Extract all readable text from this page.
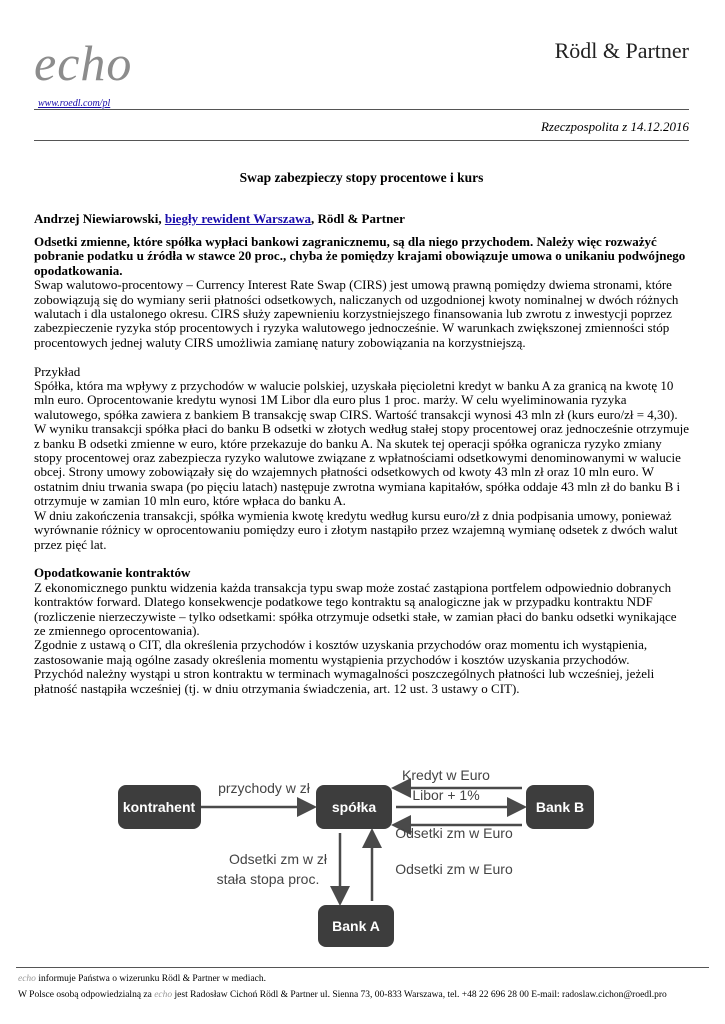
echo
www.roedl.com/pl
Rödl & Partner
Rzeczpospolita z 14.12.2016
Swap zabezpieczy stopy procentowe i kurs
Andrzej Niewiarowski, biegły rewident Warszawa, Rödl & Partner

Odsetki zmienne, które spółka wypłaci bankowi zagranicznemu, są dla niego przychodem. Należy więc rozważyć pobranie podatku u źródła w stawce 20 proc., chyba że pomiędzy krajami obowiązuje umowa o unikaniu podwójnego opodatkowania.

Swap walutowo-procentowy – Currency Interest Rate Swap (CIRS) jest umową prawną pomiędzy dwiema stronami, które zobowiązują się do wymiany serii płatności odsetkowych, naliczanych od uzgodnionej kwoty nominalnej w dwóch różnych walutach i dla ustalonego okresu. CIRS służy zapewnieniu korzystniejszego finansowania lub zwrotu z inwestycji poprzez zabezpieczenie ryzyka stóp procentowych i ryzyka walutowego jednocześnie. W warunkach zwiększonej zmienności stóp procentowych jednej waluty CIRS umożliwia zamianę natury zobowiązania na korzystniejszą.

Przykład

Spółka, która ma wpływy z przychodów w walucie polskiej, uzyskała pięcioletni kredyt w banku A za granicą na kwotę 10 mln euro. Oprocentowanie kredytu wynosi 1M Libor dla euro plus 1 proc. marży. W celu wyeliminowania ryzyka walutowego, spółka zawiera z bankiem B transakcję swap CIRS. Wartość transakcji wynosi 43 mln zł (kurs euro/zł = 4,30). W wyniku transakcji spółka płaci do banku B odsetki w złotych według stałej stopy procentowej oraz jednocześnie otrzymuje z banku B odsetki zmienne w euro, które przekazuje do banku A. Na skutek tej operacji spółka ogranicza ryzyko zmiany stopy procentowej oraz zabezpiecza ryzyko walutowe związane z wpłatnościami odsetkowymi denominowanymi w walucie obcej. Strony umowy zobowiązały się do wzajemnych płatności odsetkowych od kwoty 43 mln zł oraz 10 mln euro. W ostatnim dniu trwania swapa (po pięciu latach) następuje zwrotna wymiana kapitałów, spółka oddaje 43 mln zł do banku B i otrzymuje w zamian 10 mln euro, które wpłaca do banku A.

W dniu zakończenia transakcji, spółka wymienia kwotę kredytu według kursu euro/zł z dnia podpisania umowy, ponieważ wyrównanie różnicy w oprocentowaniu pomiędzy euro i złotym nastąpiło przez wzajemną wymianę odsetek z dwóch walut przez pięć lat.

Opodatkowanie kontraktów

Z ekonomicznego punktu widzenia każda transakcja typu swap może zostać zastąpiona portfelem odpowiednio dobranych kontraktów forward. Dlatego konsekwencje podatkowe tego kontraktu są analogiczne jak w przypadku kontraktu NDF (rozliczenie nierzeczywiste – tylko odsetkami: spółka otrzymuje odsetki stałe, w zamian płaci do banku odsetki wynikające ze zmiennego oprocentowania).

Zgodnie z ustawą o CIT, dla określenia przychodów i kosztów uzyskania przychodów oraz momentu ich wystąpienia, zastosowanie mają ogólne zasady określenia momentu wystąpienia przychodów i kosztów uzyskania przychodów.

Przychód należny wystąpi u stron kontraktu w terminach wymagalności poszczególnych płatności lub wcześniej, jeżeli płatność nastąpiła wcześniej (tj. w dniu otrzymania świadczenia, art. 12 ust. 3 ustawy o CIT).

kontrahent	spółka	Bank B
Bank A
przychody w zł
Kredyt w Euro
Libor + 1%
Odsetki zm w Euro
Odsetki zm w zł
stała stopa proc.
Odsetki zm w Euro
echo informuje Państwa o wizerunku Rödl & Partner w mediach.
W Polsce osobą odpowiedzialną za echo jest Radosław Cichoń Rödl & Partner ul. Sienna 73, 00-833 Warszawa, tel. +48 22 696 28 00 E-mail: radoslaw.cichon@roedl.pro
